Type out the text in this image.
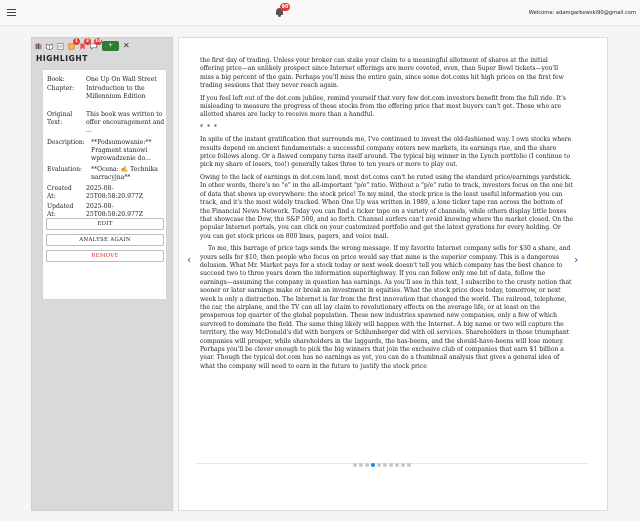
90
Welcome: adamgarbowski90@gmail.com
1	3	10
+	✕
HIGHLIGHT
Book:	One Up On Wall Street
Chapter:	Introduction to the Millennium Edition
Original Text:
This book was written to offer encouragement and ...
Description: **Podsumowanie:** Fragment stanowi wprowadzenie do...
Evaluation:	**Ocena: ✍ Technika narracyjna**
Created At:
2025-08-25T08:58:20.977Z
Updated At:
2025-08-25T08:58:20.977Z
EDIT
ANALYSE AGAIN
REMOVE

the first day of trading. Unless your broker can stake your claim to a meaningful allotment of shares at the initial offering price—an unlikely prospect since Internet offerings are more coveted, even, than Super Bowl tickets—you'll miss a big percent of the gain. Perhaps you'll miss the entire gain, since some dot.coms hit high prices on the first few trading sessions that they never reach again.

If you feel left out of the dot.com jubilee, remind yourself that very few dot.com investors benefit from the full ride. It's misleading to measure the progress of these stocks from the offering price that most buyers can't get. Those who are allotted shares are lucky to receive more than a handful.

* * *

In spite of the instant gratification that surrounds me, I've continued to invest the old-fashioned way. I own stocks where results depend on ancient fundamentals: a successful company enters new markets, its earnings rise, and the share price follows along. Or a flawed company turns itself around. The typical big winner in the Lynch portfolio (I continue to pick my share of losers, too!) generally takes three to ten years or more to play out.

Owing to the lack of earnings in dot.com land, most dot.coms can't be rated using the standard price/earnings yardstick. In other words, there's no "e" in the all-important "p/e" ratio. Without a "p/e" ratio to track, investors focus on the one bit of data that shows up everywhere: the stock price! To my mind, the stock price is the least useful information you can track, and it's the most widely tracked. When One Up was written in 1989, a lone ticker tape ran across the bottom of the Financial News Network. Today you can find a ticker tape on a variety of channels, while others display little boxes that showcase the Dow, the S&P 500, and so forth. Channel surfers can't avoid knowing where the market closed. On the popular Internet portals, you can click on your customized portfolio and get the latest gyrations for every holding. Or you can get stock prices on 800 lines, pagers, and voice mail.

To me, this barrage of price tags sends the wrong message. If my favorite Internet company sells for $30 a share, and yours sells for $10, then people who focus on price would say that mine is the superior company. This is a dangerous delusion. What Mr. Market pays for a stock today or next week doesn't tell you which company has the best chance to succeed two to three years down the information superhighway. If you can follow only one bit of data, follow the earnings—assuming the company in question has earnings. As you'll see in this text, I subscribe to the crusty notion that sooner or later earnings make or break an investment in equities. What the stock price does today, tomorrow, or next week is only a distraction. The Internet is far from the first innovation that changed the world. The railroad, telephone, the car, the airplane, and the TV can all lay claim to revolutionary effects on the average life, or at least on the prosperous top quarter of the global population. These new industries spawned new companies, only a few of which survived to dominate the field. The same thing likely will happen with the Internet. A big name or two will capture the territory, the way McDonald's did with burgers or Schlumberger did with oil services. Shareholders in those triumphant companies will prosper, while shareholders in the laggards, the has-beens, and the should-have-beens will lose money. Perhaps you'll be clever enough to pick the big winners that join the exclusive club of companies that earn $1 billion a year. Though the typical dot.com has no earnings as yet, you can do a thumbnail analysis that gives a general idea of what the company will need to earn in the future to justify the stock price

‹	›
